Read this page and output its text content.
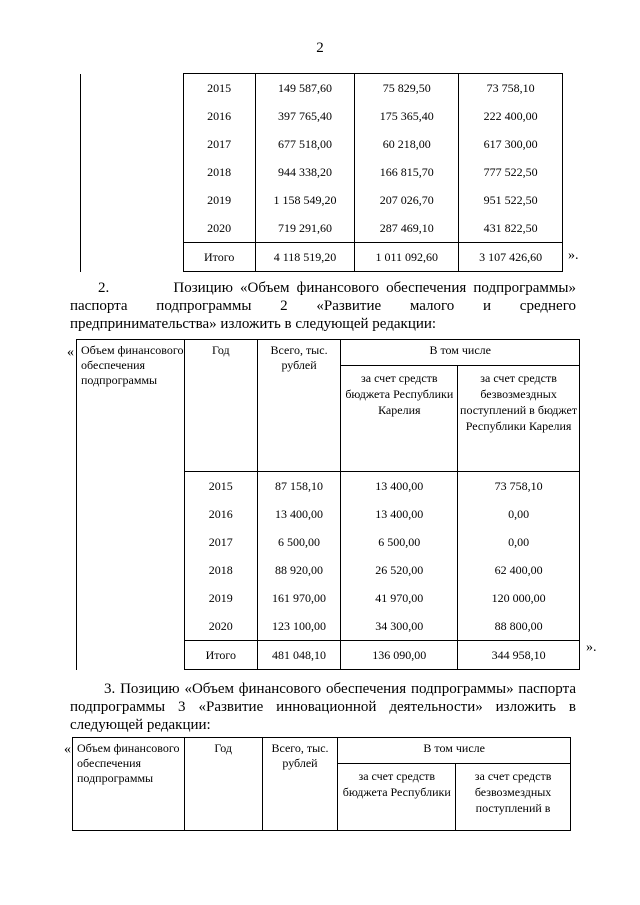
2
	2015	149 587,60	75 829,50	73 758,10
	2016	397 765,40	175 365,40	222 400,00
	2017	677 518,00	60 218,00	617 300,00
	2018	944 338,20	166 815,70	777 522,50
	2019	1 158 549,20	207 026,70	951 522,50
	2020	719 291,60	287 469,10	431 822,50
	Итого	4 118 519,20	1 011 092,60	3 107 426,60 ».
2.         Позицию «Объем финансового обеспечения подпрограммы» паспорта подпрограммы 2 «Развитие малого и среднего предпринимательства» изложить в следующей редакции:
« Объем финансового обеспечения подпрограммы	Год	Всего, тыс. рублей	В том числе	
			за счет средств бюджета Республики Карелия	за счет средств безвозмездных поступлений в бюджет Республики Карелия
	2015	87 158,10	13 400,00	73 758,10
	2016	13 400,00	13 400,00	0,00
	2017	6 500,00	6 500,00	0,00
	2018	88 920,00	26 520,00	62 400,00
	2019	161 970,00	41 970,00	120 000,00
	2020	123 100,00	34 300,00	88 800,00
	Итого	481 048,10	136 090,00	344 958,10	».
3. Позицию «Объем финансового обеспечения подпрограммы» паспорта подпрограммы 3 «Развитие инновационной деятельности» изложить в следующей редакции:
« Объем финансового обеспечения подпрограммы	Год	Всего, тыс. рублей	В том числе	
			за счет средств бюджета Республики	за счет средств безвозмездных поступлений в
